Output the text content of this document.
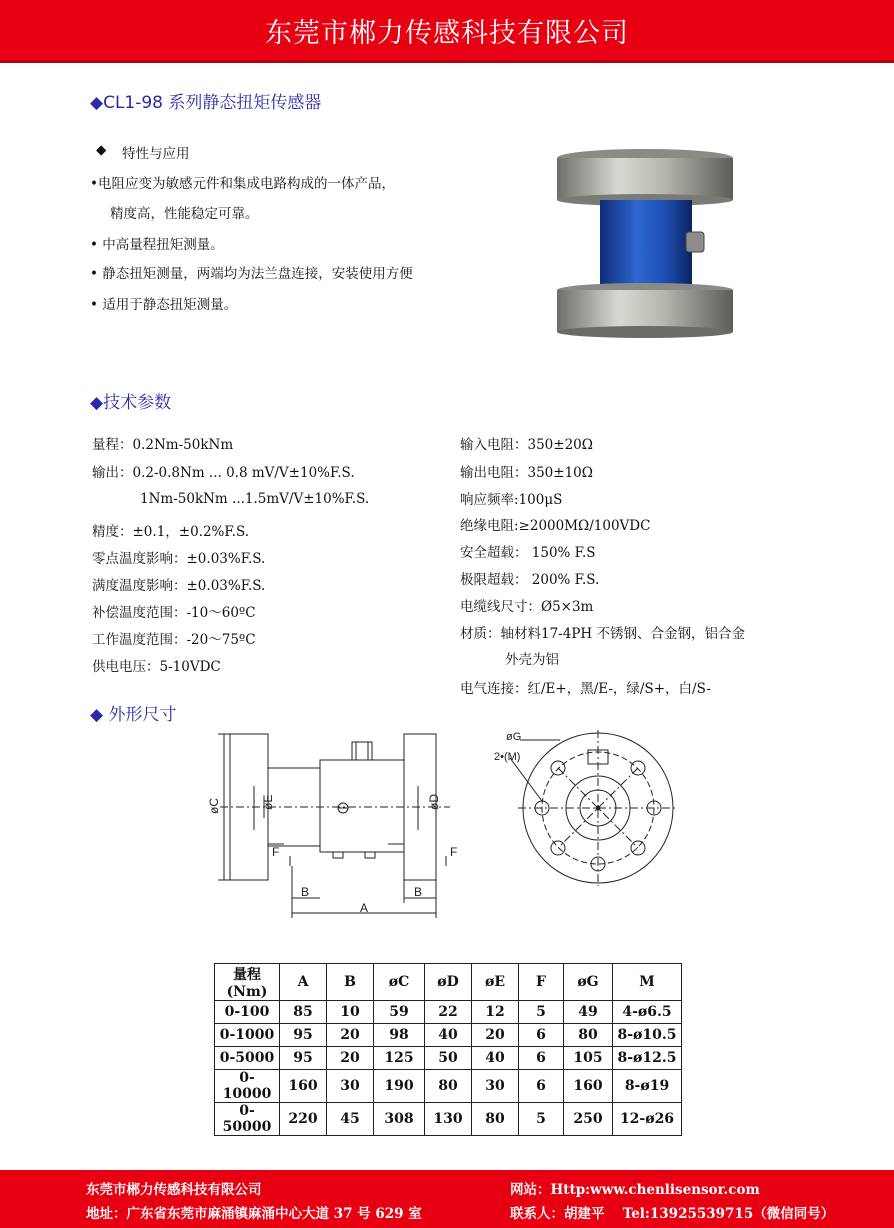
东莞市郴力传感科技有限公司
◆CL1-98 系列静态扭矩传感器
◆ 特性与应用
•电阻应变为敏感元件和集成电路构成的一体产品，
精度高，性能稳定可靠。
• 中高量程扭矩测量。
• 静态扭矩测量，两端均为法兰盘连接，安装使用方便
• 适用于静态扭矩测量。
◆技术参数
量程：0.2Nm-50kNm
输出：0.2-0.8Nm ... 0.8 mV/V±10%F.S.
1Nm-50kNm ...1.5mV/V±10%F.S.
精度：±0.1，±0.2%F.S.
零点温度影响：±0.03%F.S.
满度温度影响：±0.03%F.S.
补偿温度范围：-10～60ºC
工作温度范围：-20～75ºC
供电电压：5-10VDC
输入电阻：350±20Ω
输出电阻：350±10Ω
响应频率:100μS
绝缘电阻:≥2000MΩ/100VDC
安全超载： 150% F.S
极限超载： 200% F.S.
电缆线尺寸：Ø5×3m
材质：轴材料17-4PH 不锈钢、合金钢，铝合金
外壳为铝
电气连接：红/E+，黑/E-，绿/S+，白/S-
◆ 外形尺寸
øC	øE	øD
F	F
B	B
A
øG
2•(M)
量程(Nm)	A	B	øC	øD	øE	F	øG	M
0-100	85	10	59	22	12	5	49	4-ø6.5
0-1000	95	20	98	40	20	6	80	8-ø10.5
0-5000	95	20	125	50	40	6	105	8-ø12.5
0-10000	160	30	190	80	30	6	160	8-ø19
0-50000	220	45	308	130	80	5	250	12-ø26
东莞市郴力传感科技有限公司	网站：Http:www.chenlisensor.com
地址：广东省东莞市麻涌镇麻涌中心大道 37 号 629 室	联系人：胡建平　 Tel:13925539715（微信同号）
